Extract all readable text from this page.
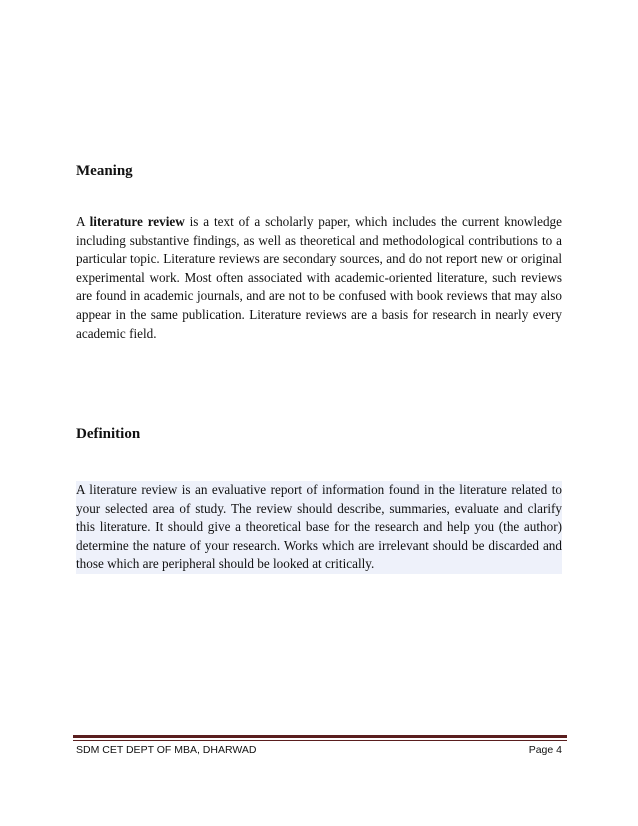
Meaning

A literature review is a text of a scholarly paper, which includes the current knowledge including substantive findings, as well as theoretical and methodological contributions to a particular topic. Literature reviews are secondary sources, and do not report new or original experimental work. Most often associated with academic-oriented literature, such reviews are found in academic journals, and are not to be confused with book reviews that may also appear in the same publication. Literature reviews are a basis for research in nearly every academic field.

Definition

A literature review is an evaluative report of information found in the literature related to your selected area of study. The review should describe, summaries, evaluate and clarify this literature. It should give a theoretical base for the research and help you (the author) determine the nature of your research. Works which are irrelevant should be discarded and those which are peripheral should be looked at critically.

SDM CET DEPT OF MBA, DHARWAD	Page 4
